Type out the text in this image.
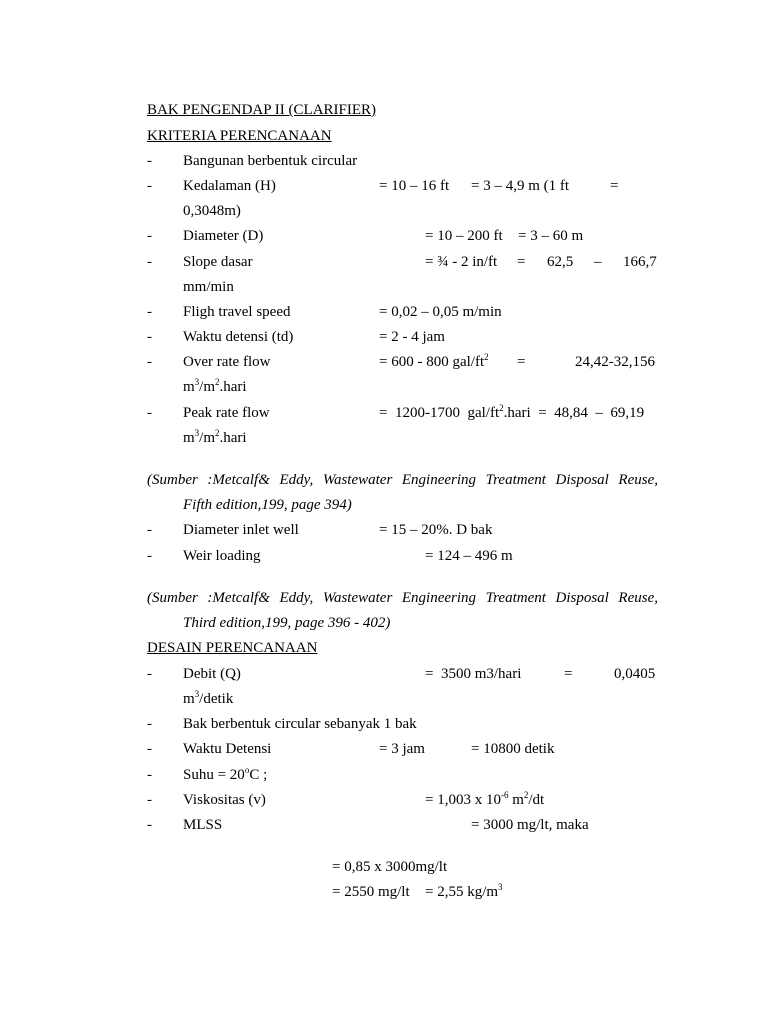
BAK PENGENDAP II (CLARIFIER)
KRITERIA PERENCANAAN
- Bangunan berbentuk circular
- Kedalaman (H)	= 10 – 16 ft = 3 – 4,9 m (1 ft	=
0,3048m)
- Diameter (D)	= 10 – 200 ft = 3 – 60 m
- Slope dasar	= ¾ - 2 in/ft = 62,5 – 166,7
mm/min
- Fligh travel speed	= 0,02 – 0,05 m/min
- Waktu detensi (td)	= 2 - 4 jam
- Over rate flow	= 600 - 800 gal/$ft^2$ =	24,42-32,156
$m^3/m^2.hari$
- Peak rate flow	=  1200-1700  gal/$ft^2.hari = 48,84 - 69,19$
$m^3/m^2.hari$
(Sumber :Metcalf& Eddy, Wastewater Engineering Treatment Disposal Reuse,
Fifth edition,199, page 394)
- Diameter inlet well	= 15 – 20%. D bak
- Weir loading	= 124 – 496 m
(Sumber :Metcalf& Eddy, Wastewater Engineering Treatment Disposal Reuse,
Third edition,199, page 396 - 402)
DESAIN PERENCANAAN
- Debit (Q)	=  3500 m3/hari	=	0,0405
$m^3$/detik
- Bak berbentuk circular sebanyak 1 bak
- Waktu Detensi	= 3 jam	= 10800 detik
- Suhu = $20^oC$ ;
- Viskositas (v)	= 1,003 x $10^{-6}$ $m^2/dt$
- MLSS	= 3000 mg/lt, maka
= 0,85 x 3000mg/lt
= 2550 mg/lt = 2,55 $kg/m^3$
